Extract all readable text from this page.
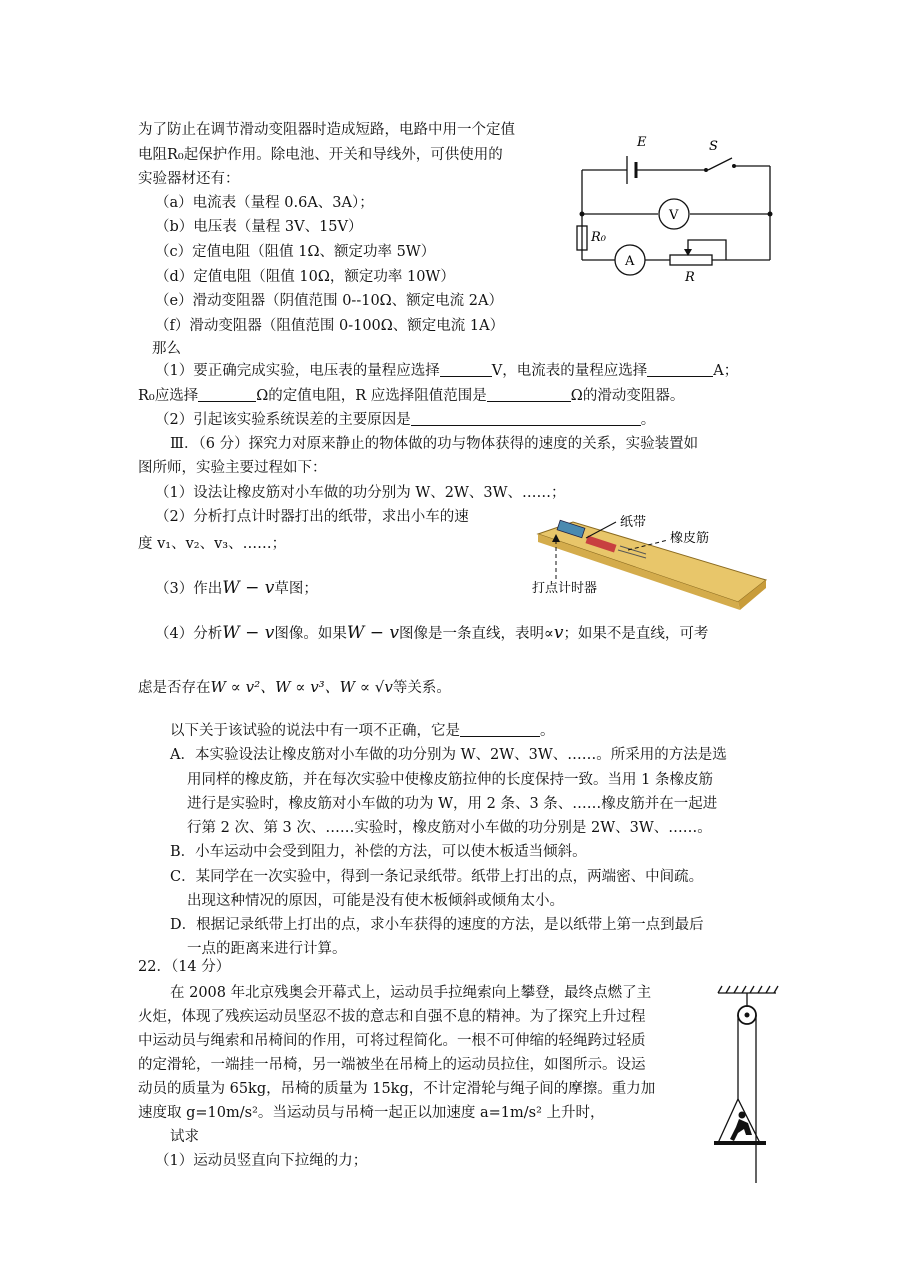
为了防止在调节滑动变阻器时造成短路，电路中用一个定值
电阻R₀起保护作用。除电池、开关和导线外，可供使用的
实验器材还有：
（a）电流表（量程 0.6A、3A）；
（b）电压表（量程 3V、15V）
（c）定值电阻（阻值 1Ω、额定功率 5W）
（d）定值电阻（阻值 10Ω，额定功率 10W）
（e）滑动变阻器（阴值范围 0--10Ω、额定电流 2A）
（f）滑动变阻器（阻值范围 0-100Ω、额定电流 1A）
那么
（1）要正确完成实验，电压表的量程应选择	V，电流表的量程应选择	A；
R₀应选择	Ω的定值电阻，R 应选择阻值范围是	Ω的滑动变阻器。
（2）引起该实验系统误差的主要原因是	。
E	S
V
A
R₀
R
Ⅲ．（6 分）探究力对原来静止的物体做的功与物体获得的速度的关系，实验装置如
图所师，实验主要过程如下：
（1）设法让橡皮筋对小车做的功分别为 W、2W、3W、……；
（2）分析打点计时器打出的纸带，求出小车的速
度 v₁、v₂、v₃、……；
（3）作出W − v草图；
（4）分析W − v图像。如果W − v图像是一条直线，表明∝v；如果不是直线，可考
虑是否存在W ∝ v²、W ∝ v³、W ∝ √v等关系。
以下关于该试验的说法中有一项不正确，它是	。
A．本实验设法让橡皮筋对小车做的功分别为 W、2W、3W、……。所采用的方法是选
用同样的橡皮筋，并在每次实验中使橡皮筋拉伸的长度保持一致。当用 1 条橡皮筋
进行是实验时，橡皮筋对小车做的功为 W，用 2 条、3 条、……橡皮筋并在一起进
行第 2 次、第 3 次、……实验时，橡皮筋对小车做的功分别是 2W、3W、……。
B．小车运动中会受到阻力，补偿的方法，可以使木板适当倾斜。
C．某同学在一次实验中，得到一条记录纸带。纸带上打出的点，两端密、中间疏。
出现这种情况的原因，可能是没有使木板倾斜或倾角太小。
D．根据记录纸带上打出的点，求小车获得的速度的方法，是以纸带上第一点到最后
一点的距离来进行计算。
纸带
橡皮筋
打点计时器
22．（14 分）
在 2008 年北京残奥会开幕式上，运动员手拉绳索向上攀登，最终点燃了主
火炬，体现了残疾运动员坚忍不拔的意志和自强不息的精神。为了探究上升过程
中运动员与绳索和吊椅间的作用，可将过程简化。一根不可伸缩的轻绳跨过轻质
的定滑轮，一端挂一吊椅，另一端被坐在吊椅上的运动员拉住，如图所示。设运
动员的质量为 65kg，吊椅的质量为 15kg，不计定滑轮与绳子间的摩擦。重力加
速度取 g=10m/s²。当运动员与吊椅一起正以加速度 a=1m/s² 上升时，
试求
（1）运动员竖直向下拉绳的力；
